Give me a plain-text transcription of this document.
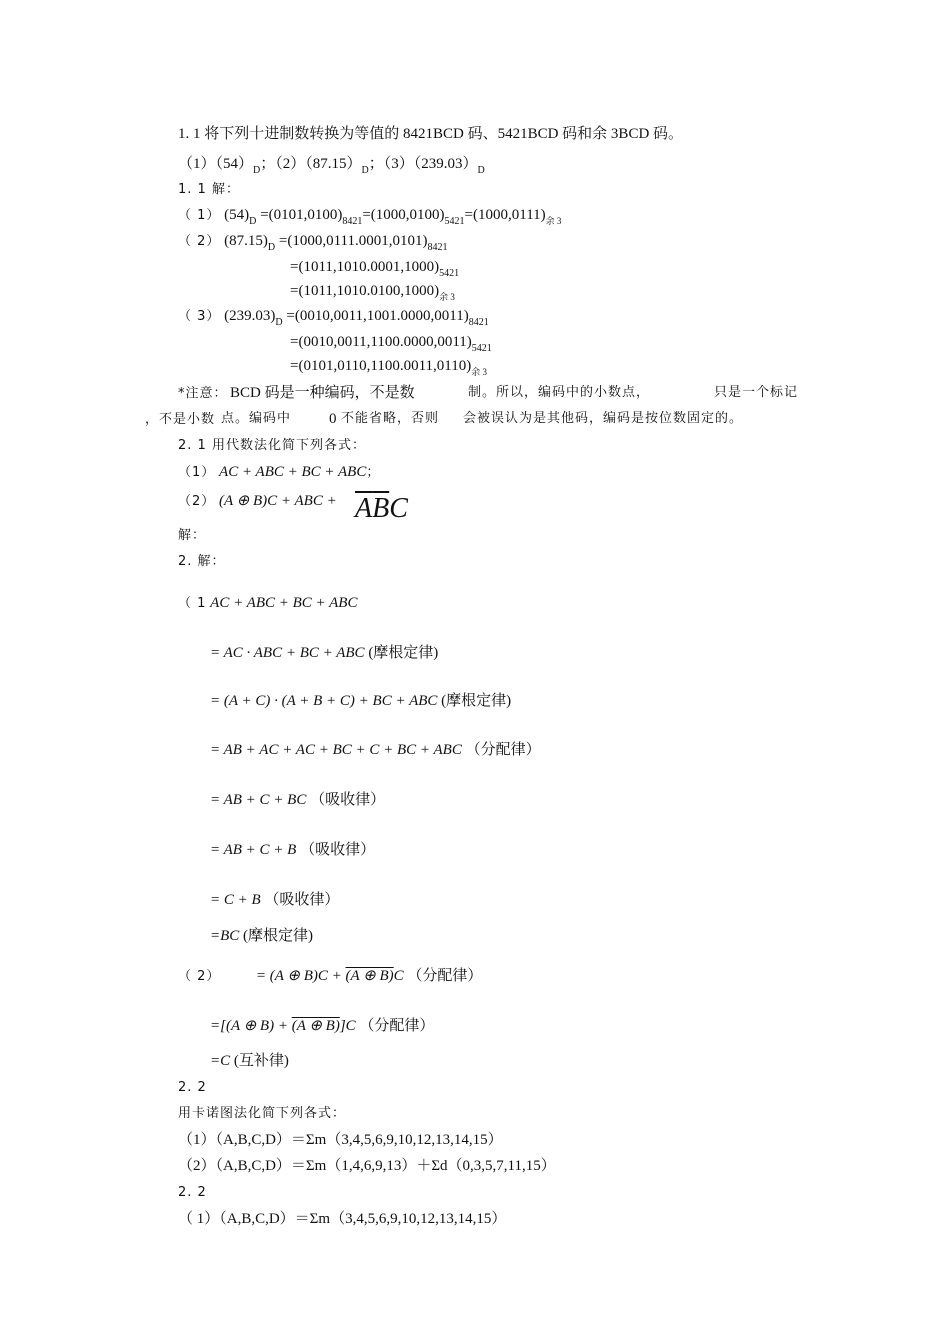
1. 1 将下列十进制数转换为等值的 8421BCD 码、5421BCD 码和余 3BCD 码。
$(1)(54)_D$；$(2)(87.15)_D$；$(3)(239.03)_D$
1. 1 解：
（ 1） $(54)_D =(0101,0100)_{8421}=(1000,0100)_{5421}=(1000,0111)_{余 3}$
（ 2） $(87.15)_D =(1000,0111.0001,0101)_{8421}$
$=(1011,1010.0001,1000)_{5421}$
$=(1011,1010.0100,1000)_{余 3}$
（ 3） $(239.03)_D =(0010,0011,1001.0000,0011)_{8421}$
$=(0010,0011,1100.0000,0011)_{5421}$
$=(0101,0110,1100.0011,0110)_{余 3}$
*注意： BCD 码是一种编码，不是数	制。所以，编码中的小数点，	只是一个标记
，不是小数 点。编码中	0 不能 省略，否则 会被误认为是其他码，编码是按位数固定的。
2. 1 用代数法化简下列各式：
（1） AC + ABC + BC + ABC；
（2） (A ⊕ B)C + ABC + $\overline{A}\overline{B}C$
解：
2. 解：
（ 1 AC + ABC + BC + ABC
= AC · ABC + BC + ABC (摩根定律)
= (A + C) · (A + B + C) + BC + ABC (摩根定律)
= AB + AC + AC + BC + C + BC + ABC （分配律）
= AB + C + BC （吸收律）
= AB + C + B （吸收律）
= C + B （吸收律）
=BC (摩根定律)
（ 2） = (A ⊕ B)C + (A ⊕ B)C （分配律）
=[(A ⊕ B) + (A ⊕ B)]C （分配律）
=C (互补律)
2. 2
用卡诺图法化简下列各式：
（1）（A,B,C,D）＝Σm（3,4,5,6,9,10,12,13,14,15）
（2）（A,B,C,D）＝Σm（1,4,6,9,13）＋Σd（0,3,5,7,11,15）
2. 2
（ 1）（A,B,C,D）＝Σm（3,4,5,6,9,10,12,13,14,15）
